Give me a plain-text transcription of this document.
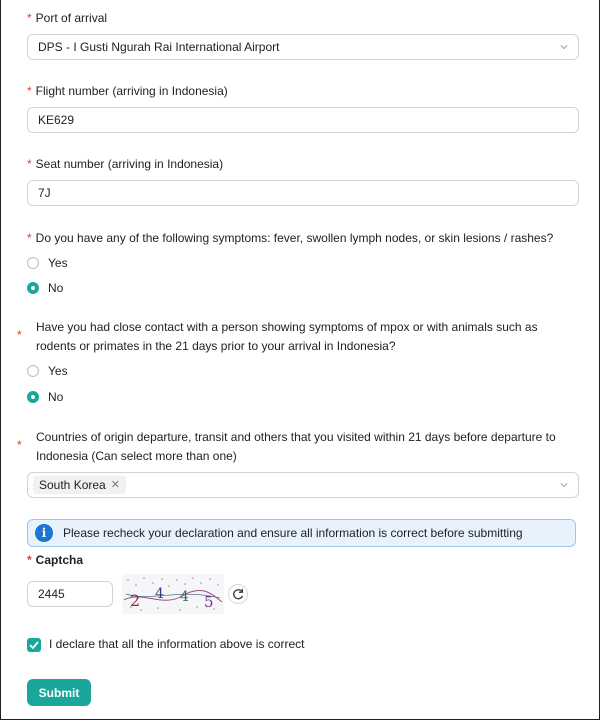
* Port of arrival
DPS - I Gusti Ngurah Rai International Airport
* Flight number (arriving in Indonesia)
KE629
* Seat number (arriving in Indonesia)
7J
* Do you have any of the following symptoms: fever, swollen lymph nodes, or skin lesions / rashes?
Yes
No
*
Have you had close contact with a person showing symptoms of mpox or with animals such as rodents or primates in the 21 days prior to your arrival in Indonesia?
Yes
No
*
Countries of origin departure, transit and others that you visited within 21 days before departure to Indonesia (Can select more than one)
South Korea ✕
i	Please recheck your declaration and ensure all information is correct before submitting
* Captcha
2445	2 4 4 5
I declare that all the information above is correct
Submit
